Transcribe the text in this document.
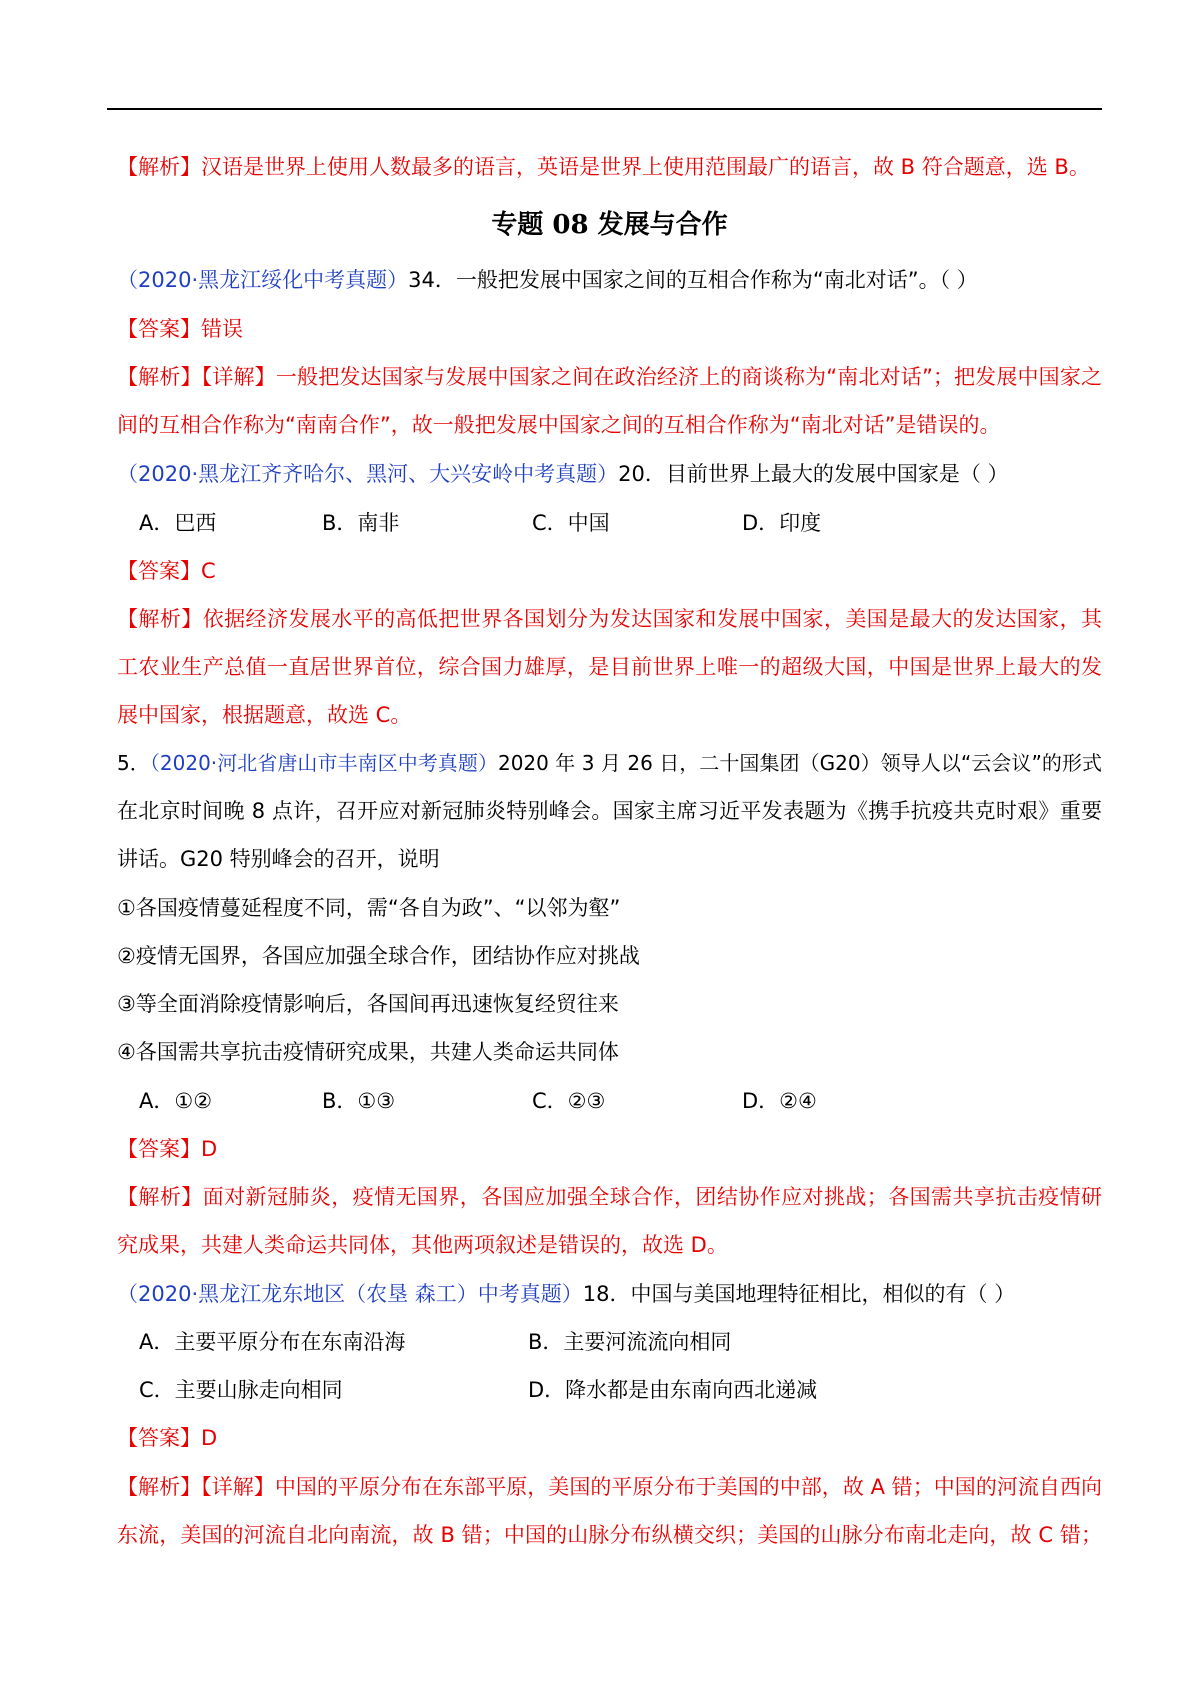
【解析】汉语是世界上使用人数最多的语言，英语是世界上使用范围最广的语言，故 B 符合题意，选 B。
专题 08 发展与合作
（2020·黑龙江绥化中考真题）34．一般把发展中国家之间的互相合作称为“南北对话”。（ ）
【答案】错误
【解析】【详解】一般把发达国家与发展中国家之间在政治经济上的商谈称为“南北对话”；把发展中国家之
间的互相合作称为“南南合作”，故一般把发展中国家之间的互相合作称为“南北对话”是错误的。
（2020·黑龙江齐齐哈尔、黑河、大兴安岭中考真题）20．目前世界上最大的发展中国家是（ ）
A．巴西	B．南非	C．中国	D．印度
【答案】C
【解析】依据经济发展水平的高低把世界各国划分为发达国家和发展中国家，美国是最大的发达国家，其
工农业生产总值一直居世界首位，综合国力雄厚，是目前世界上唯一的超级大国，中国是世界上最大的发
展中国家，根据题意，故选 C。
5．（2020·河北省唐山市丰南区中考真题）2020 年 3 月 26 日，二十国集团（G20）领导人以“云会议”的形式
在北京时间晚 8 点许，召开应对新冠肺炎特别峰会。国家主席习近平发表题为《携手抗疫共克时艰》重要
讲话。G20 特别峰会的召开，说明
①各国疫情蔓延程度不同，需“各自为政”、“以邻为壑”
②疫情无国界，各国应加强全球合作，团结协作应对挑战
③等全面消除疫情影响后，各国间再迅速恢复经贸往来
④各国需共享抗击疫情研究成果，共建人类命运共同体
A．①②	B．①③	C．②③	D．②④
【答案】D
【解析】面对新冠肺炎，疫情无国界，各国应加强全球合作，团结协作应对挑战；各国需共享抗击疫情研
究成果，共建人类命运共同体，其他两项叙述是错误的，故选 D。
（2020·黑龙江龙东地区（农垦 森工）中考真题）18．中国与美国地理特征相比，相似的有（ ）
A．主要平原分布在东南沿海	B．主要河流流向相同
C．主要山脉走向相同	D．降水都是由东南向西北递减
【答案】D
【解析】【详解】中国的平原分布在东部平原，美国的平原分布于美国的中部，故 A 错；中国的河流自西向
东流，美国的河流自北向南流，故 B 错；中国的山脉分布纵横交织；美国的山脉分布南北走向，故 C 错；
